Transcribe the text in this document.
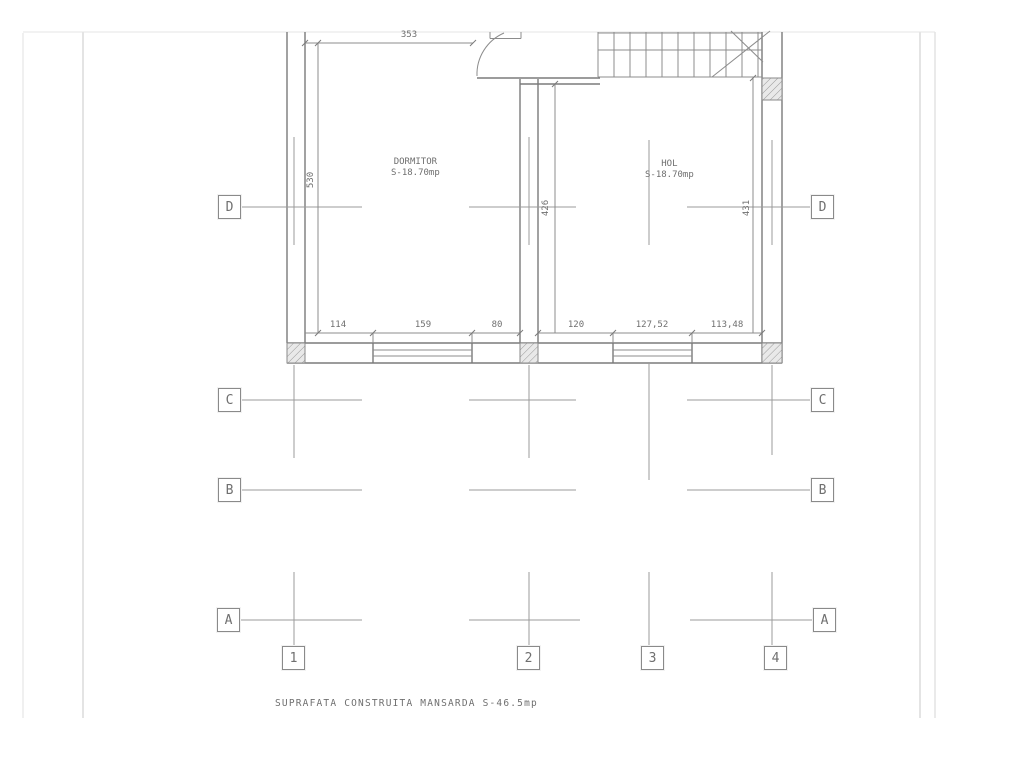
353
530
426	431
114	159	80	120	127,52	113,48
DORMITOR
S-18.70mp
HOL
S-18.70mp
D
C
B
A
D
C
B
A
1	2	3	4
SUPRAFATA CONSTRUITA MANSARDA S-46.5mp
